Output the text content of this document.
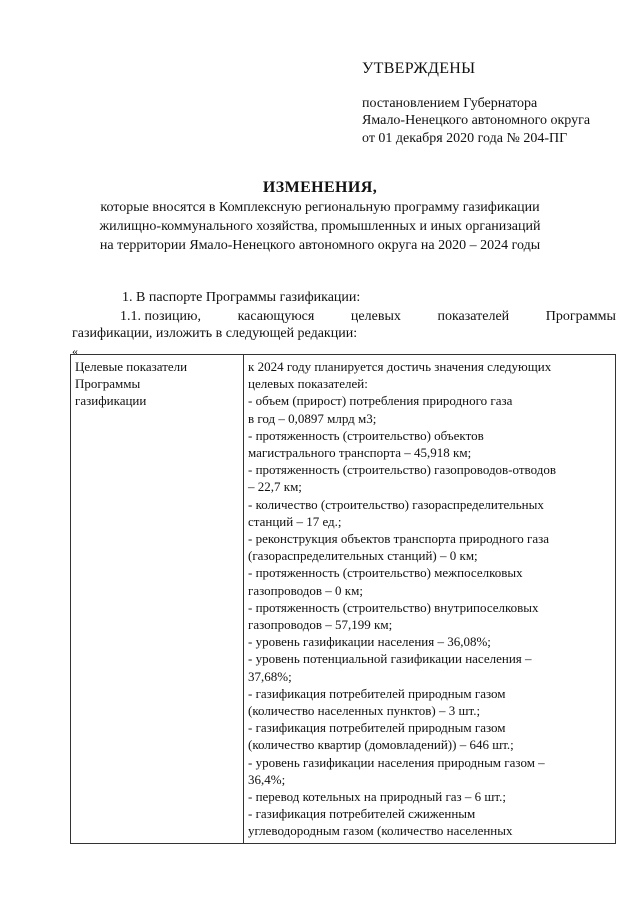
УТВЕРЖДЕНЫ
постановлением Губернатора
Ямало-Ненецкого автономного округа
от 01 декабря 2020 года № 204-ПГ
ИЗМЕНЕНИЯ,
которые вносятся в Комплексную региональную программу газификации
жилищно-коммунального хозяйства, промышленных и иных организаций
на территории Ямало-Ненецкого автономного округа на 2020 – 2024 годы
1. В паспорте Программы газификации:
1.1. позицию,	касающуюся	целевых	показателей	Программы
газификации, изложить в следующей редакции:
«
Целевые показатели
Программы
газификации

к 2024 году планируется достичь значения следующих
целевых показателей:
- объем (прирост) потребления природного газа
в год – 0,0897 млрд м3;
- протяженность (строительство) объектов
магистрального транспорта – 45,918 км;
- протяженность (строительство) газопроводов-отводов
– 22,7 км;
- количество (строительство) газораспределительных
станций – 17 ед.;
- реконструкция объектов транспорта природного газа
(газораспределительных станций) – 0 км;
- протяженность (строительство) межпоселковых
газопроводов – 0 км;
- протяженность (строительство) внутрипоселковых
газопроводов – 57,199 км;
- уровень газификации населения – 36,08%;
- уровень потенциальной газификации населения –
37,68%;
- газификация потребителей природным газом
(количество населенных пунктов) – 3 шт.;
- газификация потребителей природным газом
(количество квартир (домовладений)) – 646 шт.;
- уровень газификации населения природным газом –
36,4%;
- перевод котельных на природный газ – 6 шт.;
- газификация потребителей сжиженным
углеводородным газом (количество населенных
